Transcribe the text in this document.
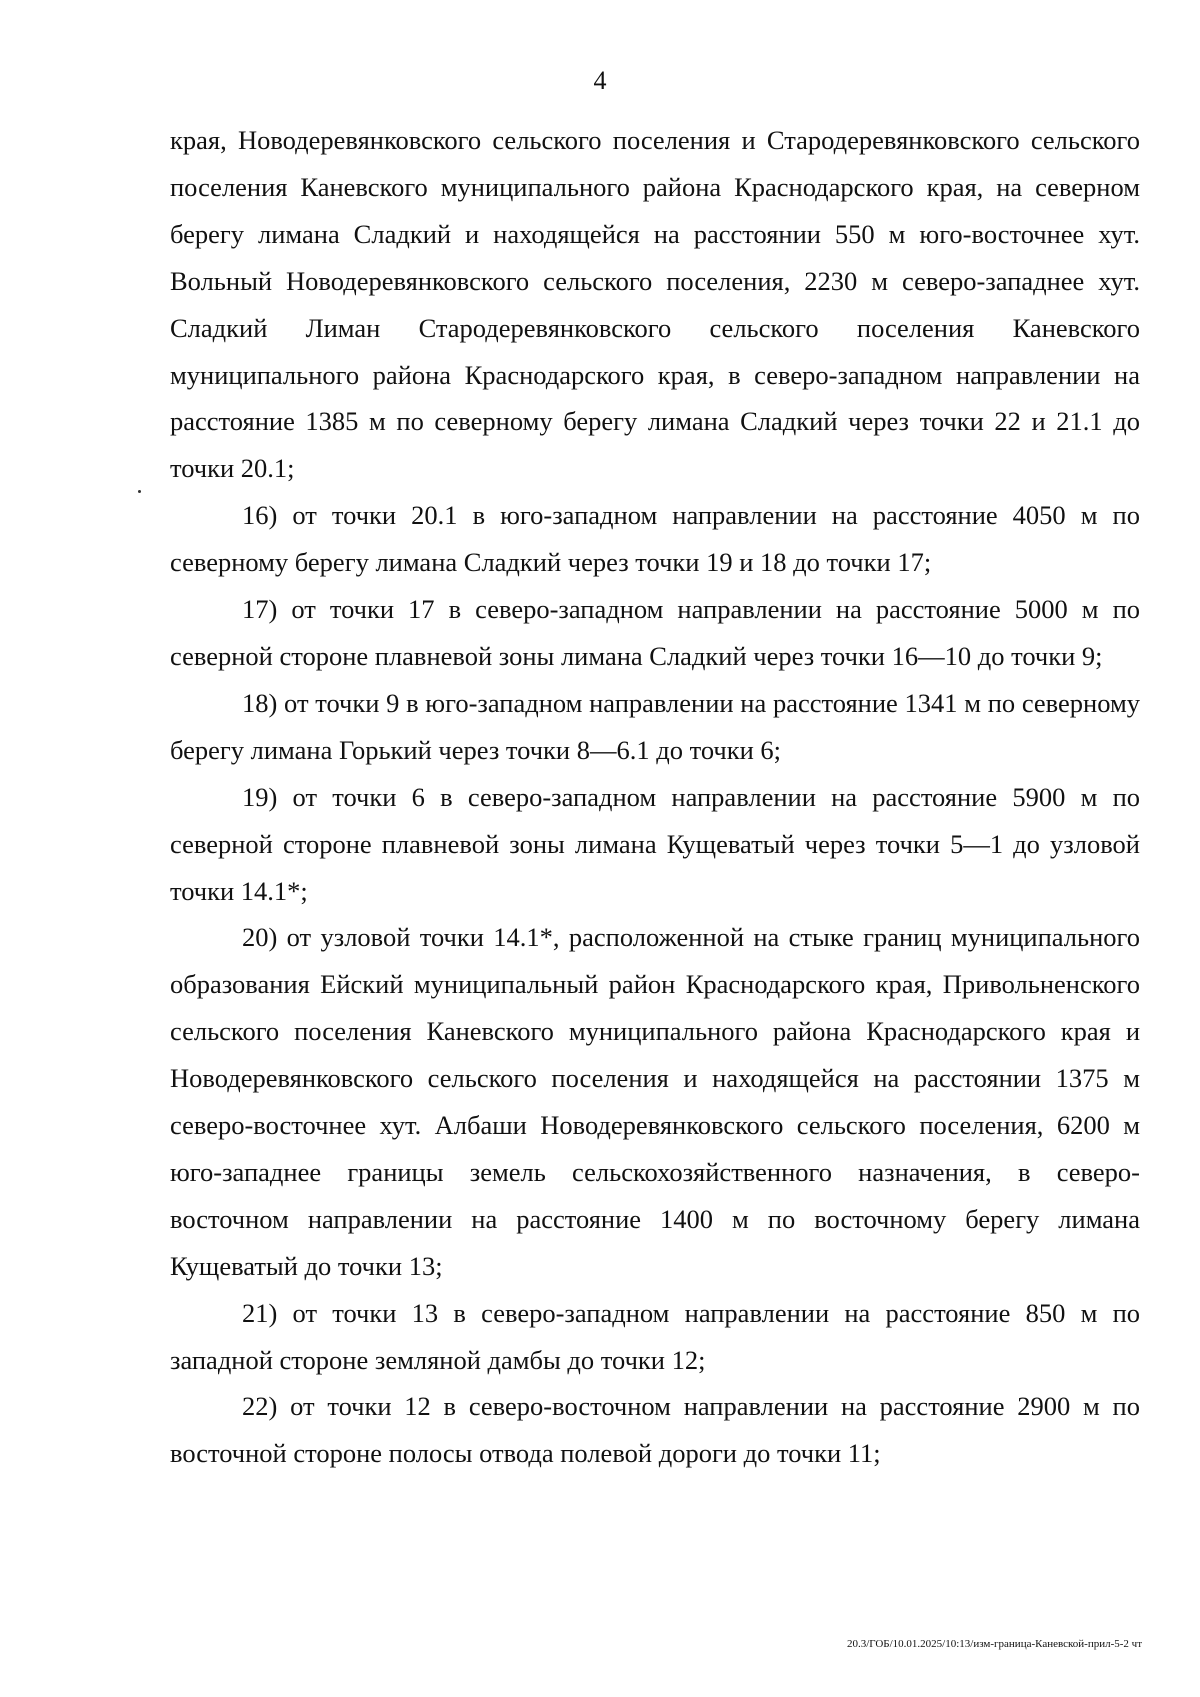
4

края, Новодеревянковского сельского поселения и Стародеревянковского сельского поселения Каневского муниципального района Краснодарского края, на северном берегу лимана Сладкий и находящейся на расстоянии 550 м юго-восточнее хут. Вольный Новодеревянковского сельского поселения, 2230 м северо-западнее хут. Сладкий Лиман Стародеревянковского сельского поселения Каневского муниципального района Краснодарского края, в северо-западном направлении на расстояние 1385 м по северному берегу лимана Сладкий через точки 22 и 21.1 до точки 20.1;

16) от точки 20.1 в юго-западном направлении на расстояние 4050 м по северному берегу лимана Сладкий через точки 19 и 18 до точки 17;

17) от точки 17 в северо-западном направлении на расстояние 5000 м по северной стороне плавневой зоны лимана Сладкий через точки 16—10 до точки 9;

18) от точки 9 в юго-западном направлении на расстояние 1341 м по северному берегу лимана Горький через точки 8—6.1 до точки 6;

19) от точки 6 в северо-западном направлении на расстояние 5900 м по северной стороне плавневой зоны лимана Кущеватый через точки 5—1 до узловой точки 14.1*;

20) от узловой точки 14.1*, расположенной на стыке границ муниципального образования Ейский муниципальный район Краснодарского края, Привольненского сельского поселения Каневского муниципального района Краснодарского края и Новодеревянковского сельского поселения и находящейся на расстоянии 1375 м северо-восточнее хут. Албаши Новодеревянковского сельского поселения, 6200 м юго-западнее границы земель сельскохозяйственного назначения, в северо-восточном направлении на расстояние 1400 м по восточному берегу лимана Кущеватый до точки 13;

21) от точки 13 в северо-западном направлении на расстояние 850 м по западной стороне земляной дамбы до точки 12;

22) от точки 12 в северо-восточном направлении на расстояние 2900 м по восточной стороне полосы отвода полевой дороги до точки 11;

20.3/ГОБ/10.01.2025/10:13/изм-граница-Каневской-прил-5-2 чт
